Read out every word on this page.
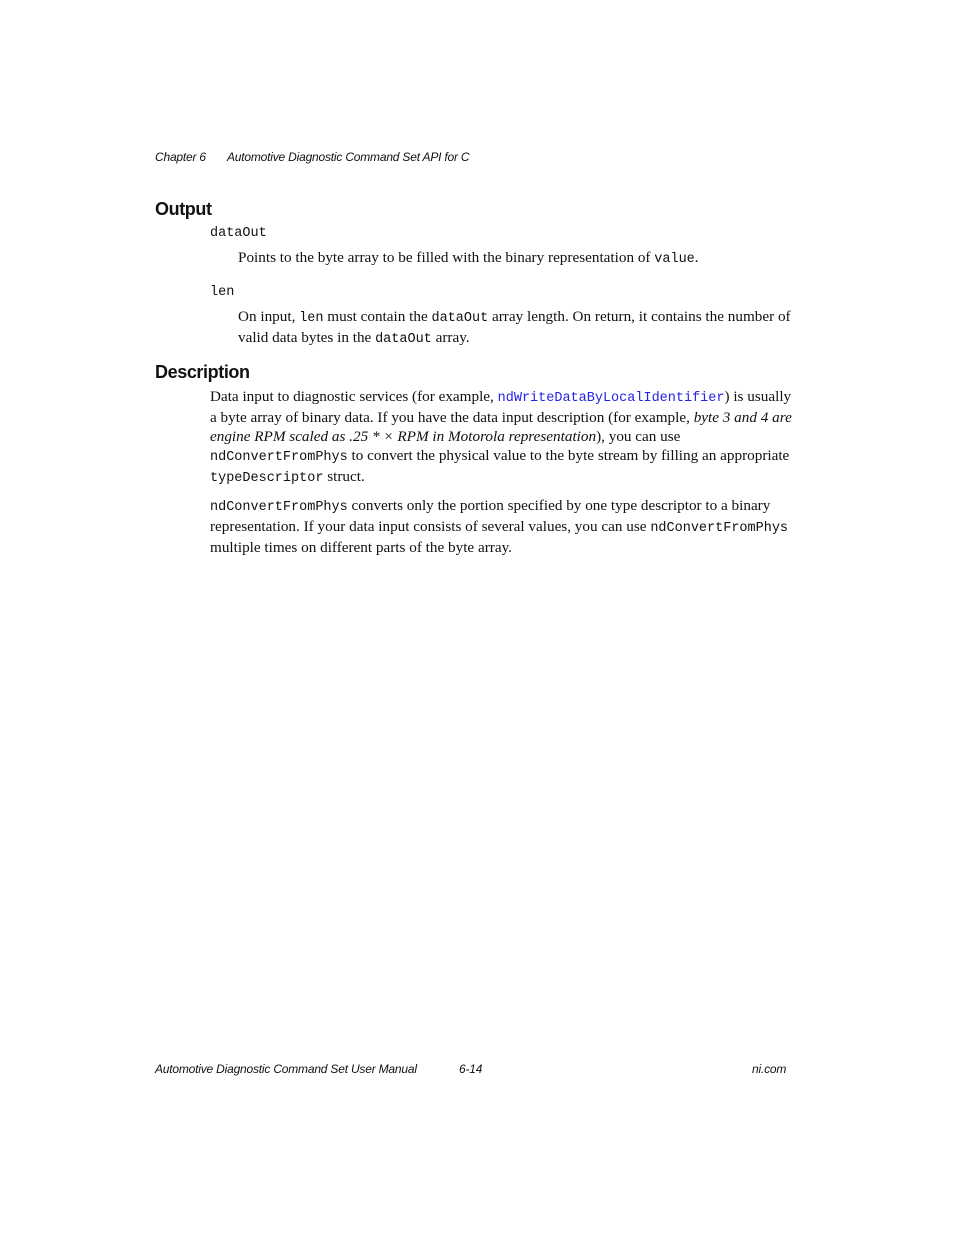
Chapter 6 Automotive Diagnostic Command Set API for C
Output
dataOut

Points to the byte array to be filled with the binary representation of value.

len

On input, len must contain the dataOut array length. On return, it contains the number of valid data bytes in the dataOut array.

Description

Data input to diagnostic services (for example, ndWriteDataByLocalIdentifier) is usually a byte array of binary data. If you have the data input description (for example, byte 3 and 4 are engine RPM scaled as .25 * × RPM in Motorola representation), you can use ndConvertFromPhys to convert the physical value to the byte stream by filling an appropriate typeDescriptor struct.

ndConvertFromPhys converts only the portion specified by one type descriptor to a binary representation. If your data input consists of several values, you can use ndConvertFromPhys multiple times on different parts of the byte array.

Automotive Diagnostic Command Set User Manual	6-14	ni.com
